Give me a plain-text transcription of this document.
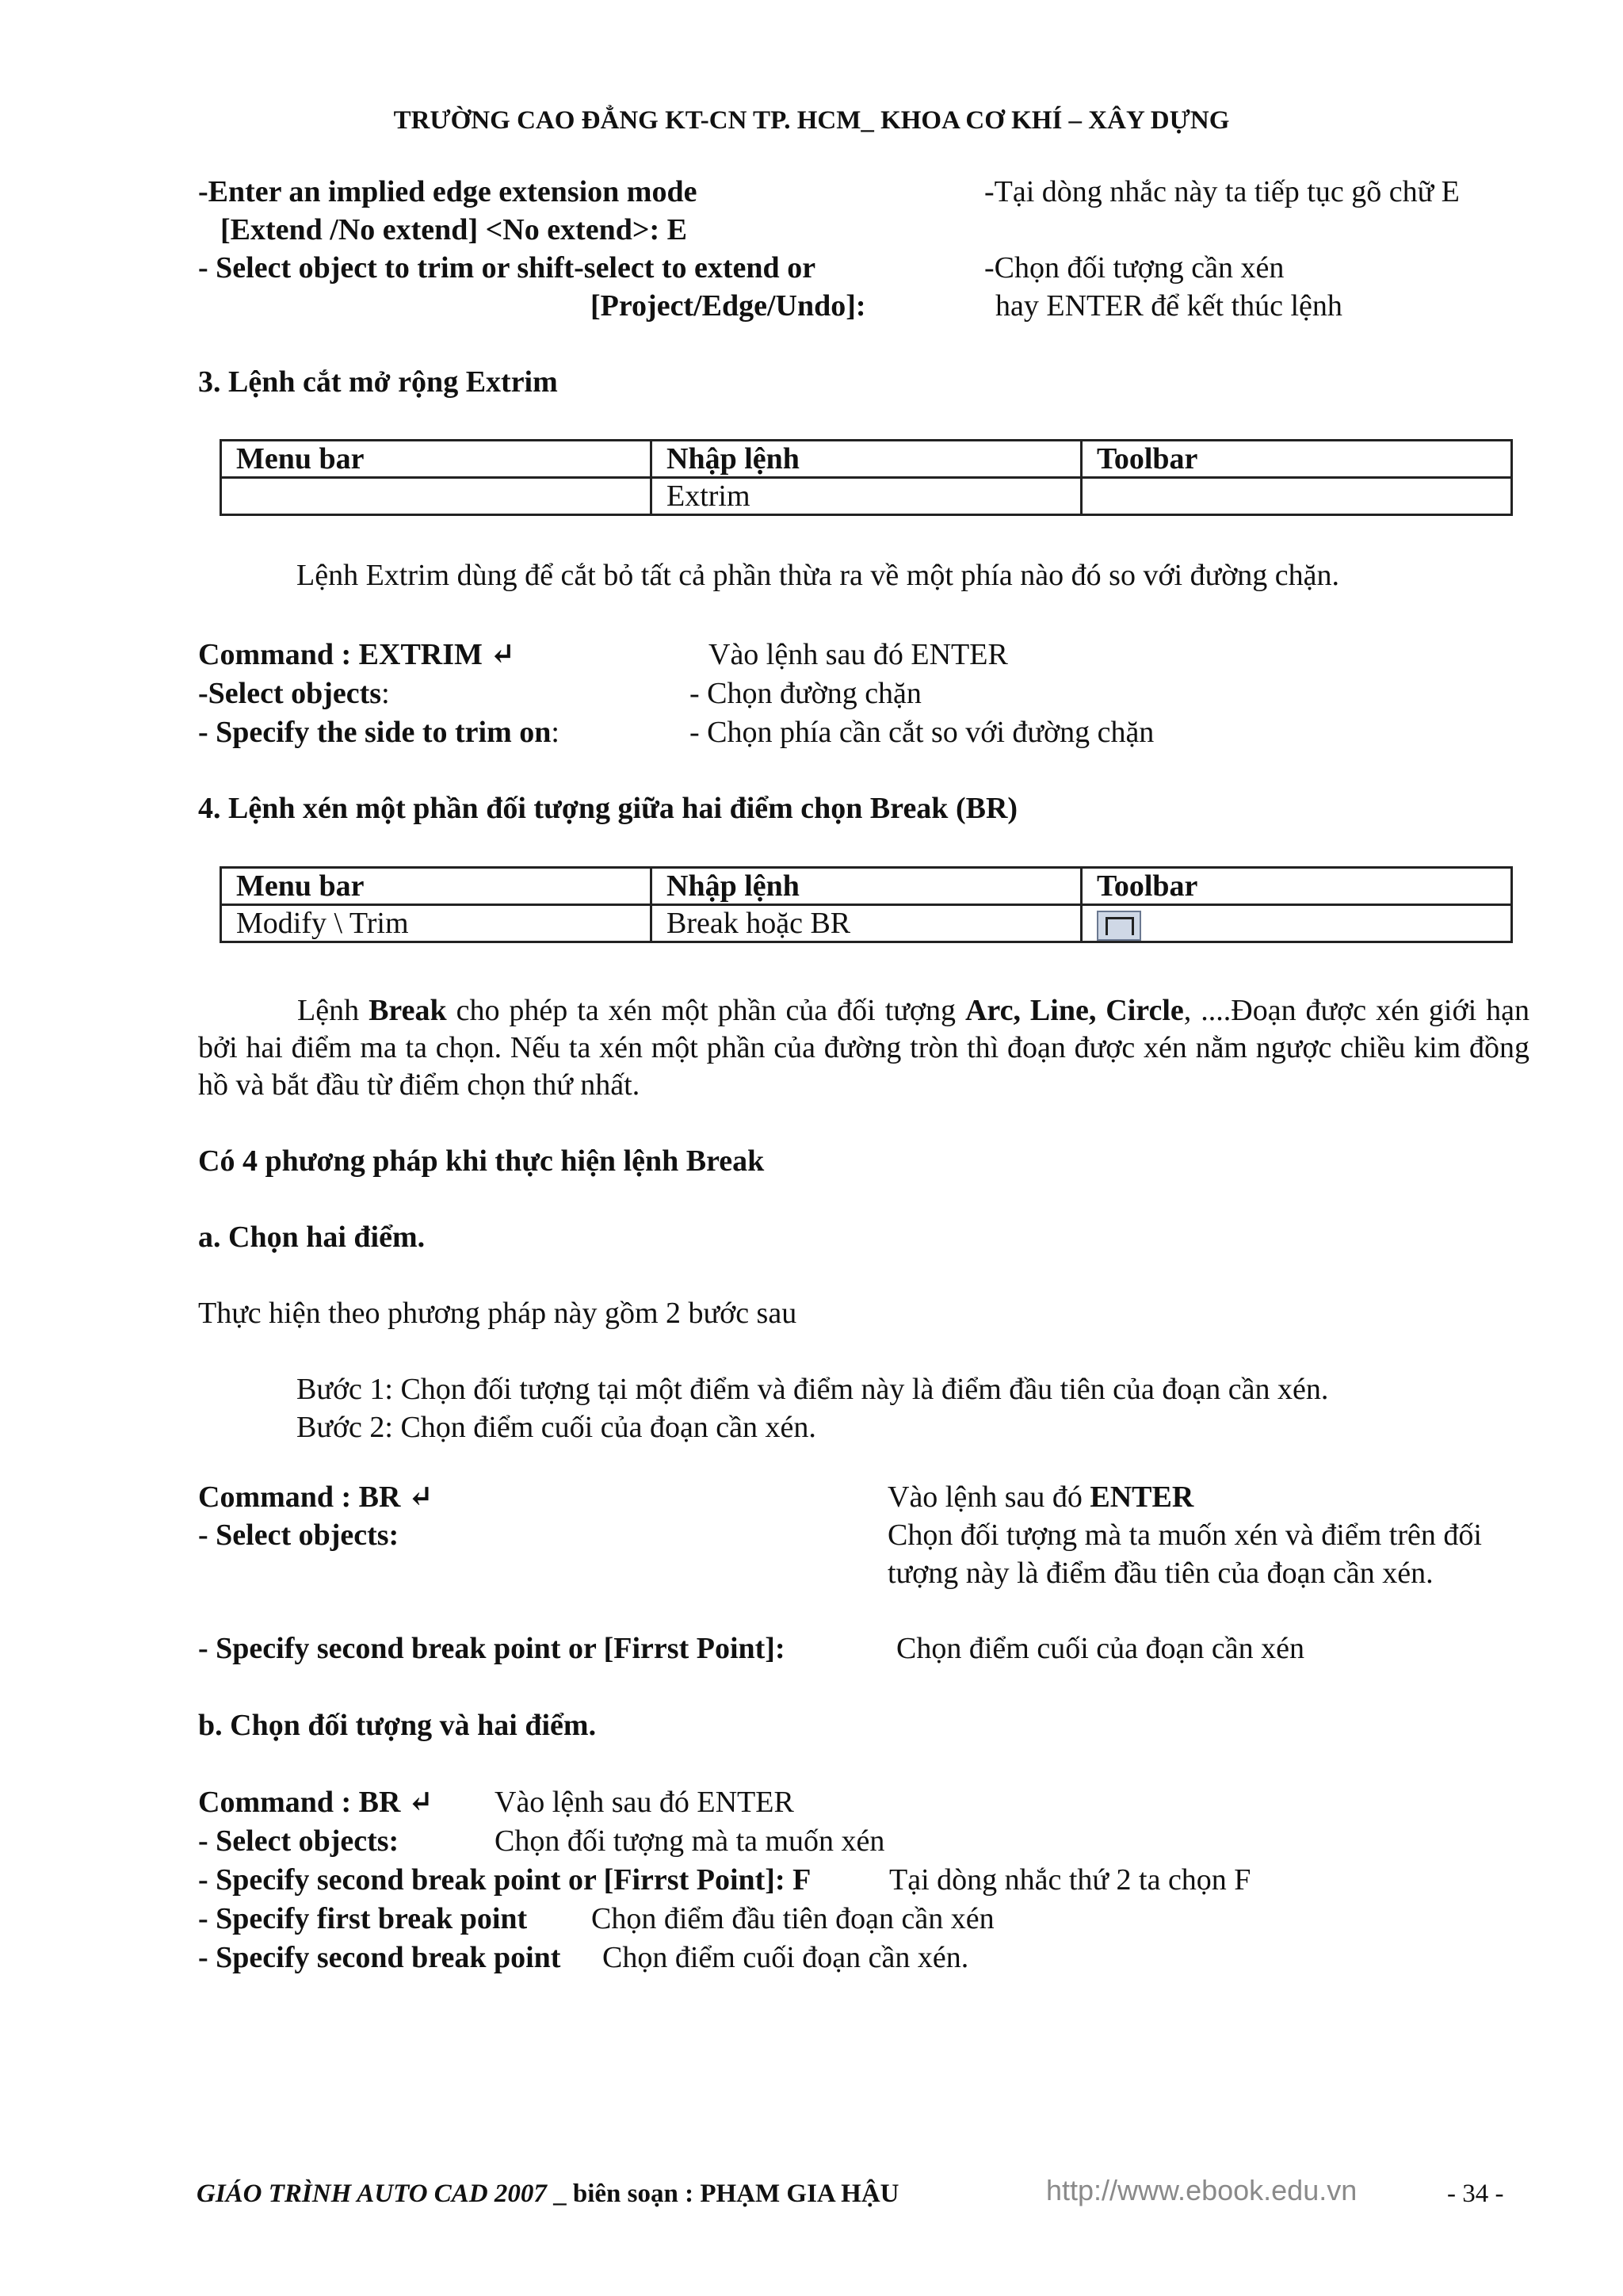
TRƯỜNG CAO ĐẲNG KT-CN TP. HCM_ KHOA CƠ KHÍ – XÂY DỰNG
-Enter an implied edge extension mode	-Tại dòng nhắc này ta tiếp tục gõ chữ E
[Extend /No extend] <No extend>: E
- Select object to trim or shift-select to extend or	-Chọn đối tượng cần xén
[Project/Edge/Undo]:	hay ENTER để kết thúc lệnh
3. Lệnh cắt mở rộng Extrim
Menu bar	Nhập lệnh	Toolbar
	Extrim	
Lệnh Extrim dùng để cắt bỏ tất cả phần thừa ra về một phía nào đó so với đường chặn.
Command : EXTRIM ↵	Vào lệnh sau đó ENTER
-Select objects:	- Chọn đường chặn
- Specify the side to trim on:	- Chọn phía cần cắt so với đường chặn
4. Lệnh xén một phần đối tượng giữa hai điểm chọn Break (BR)
Menu bar	Nhập lệnh	Toolbar
Modify \ Trim	Break hoặc BR	
Lệnh Break cho phép ta xén một phần của đối tượng Arc, Line, Circle, ....Đoạn được xén giới hạn bởi hai điểm ma ta chọn. Nếu ta xén một phần của đường tròn thì đoạn được xén nằm ngược chiều kim đồng hồ và bắt đầu từ điểm chọn thứ nhất.
Có 4 phương pháp khi thực hiện lệnh Break
a. Chọn hai điểm.
Thực hiện theo phương pháp này gồm 2 bước sau
Bước 1: Chọn đối tượng tại một điểm và điểm này là điểm đầu tiên của đoạn cần xén.
Bước 2: Chọn điểm cuối của đoạn cần xén.
Command : BR ↵	Vào lệnh sau đó ENTER
- Select objects:	Chọn đối tượng mà ta muốn xén và điểm trên đối tượng này là điểm đầu tiên của đoạn cần xén.
- Specify second break point or [Firrst Point]:	Chọn điểm cuối của đoạn cần xén
b. Chọn đối tượng và hai điểm.
Command : BR ↵ Vào lệnh sau đó ENTER
- Select objects:	Chọn đối tượng mà ta muốn xén
- Specify second break point or [Firrst Point]: F	Tại dòng nhắc thứ 2 ta chọn F
- Specify first break point Chọn điểm đầu tiên đoạn cần xén
- Specify second break point Chọn điểm cuối đoạn cần xén.
GIÁO TRÌNH AUTO CAD 2007 _ biên soạn : PHẠM GIA HẬU	http://www.ebook.edu.vn	- 34 -
